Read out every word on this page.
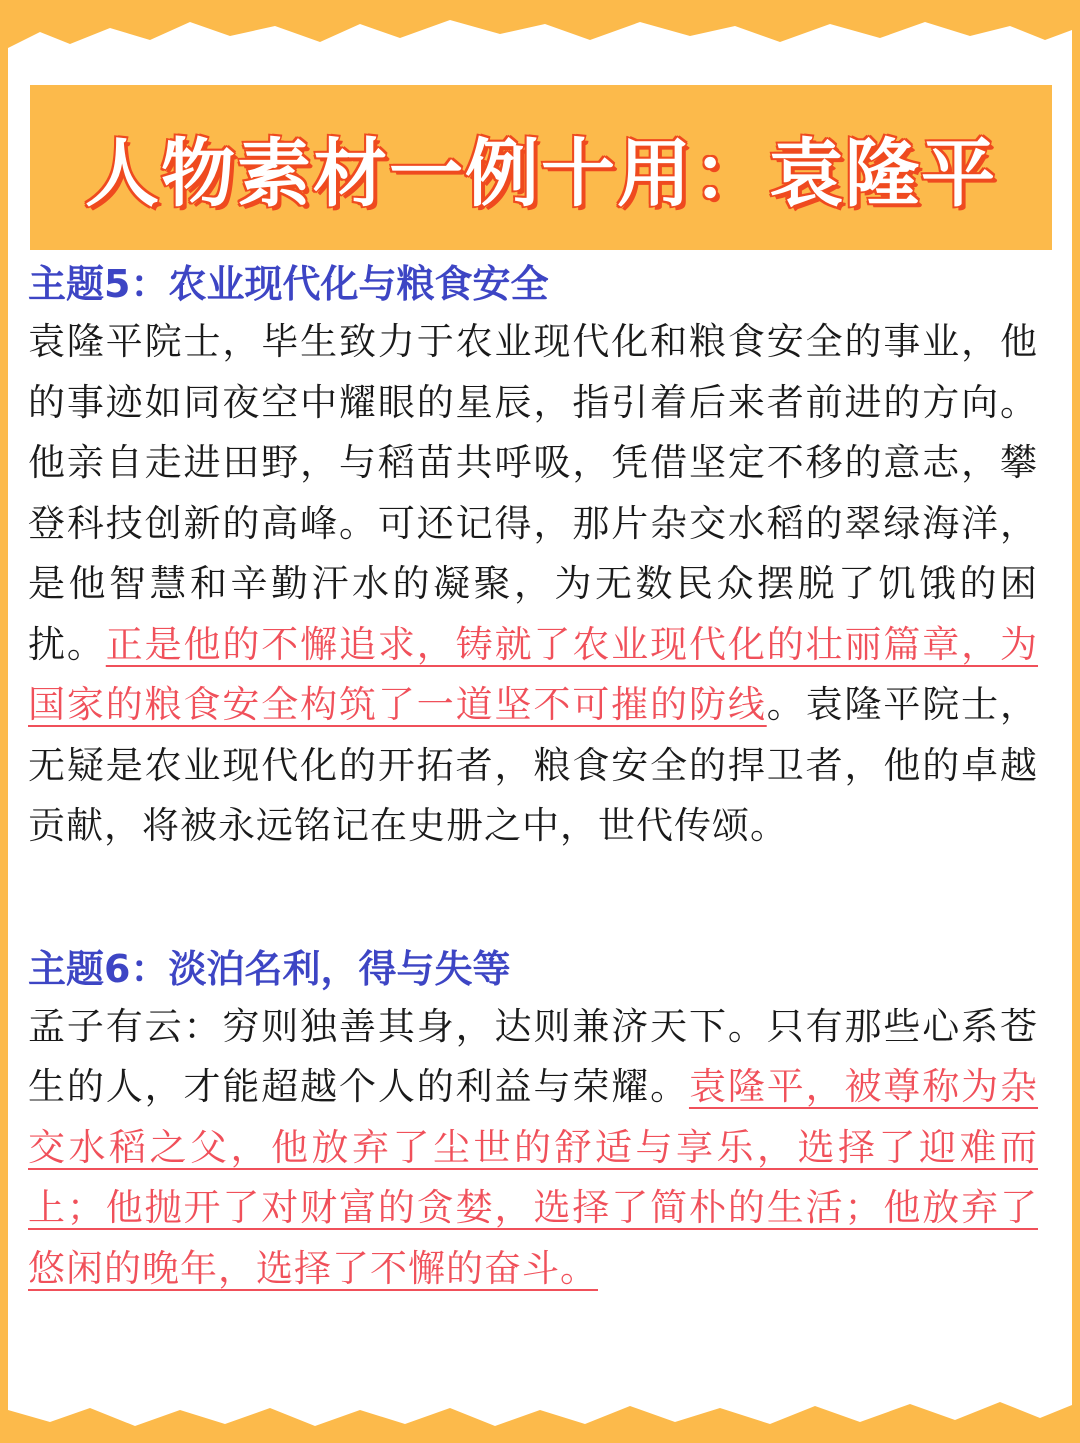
人物素材一例十用：袁隆平
主题5：农业现代化与粮食安全

袁隆平院士，毕生致力于农业现代化和粮食安全的事业，他的事迹如同夜空中耀眼的星辰，指引着后来者前进的方向。他亲自走进田野，与稻苗共呼吸，凭借坚定不移的意志，攀登科技创新的高峰。可还记得，那片杂交水稻的翠绿海洋，是他智慧和辛勤汗水的凝聚，为无数民众摆脱了饥饿的困扰。正是他的不懈追求，铸就了农业现代化的壮丽篇章，为国家的粮食安全构筑了一道坚不可摧的防线。袁隆平院士，无疑是农业现代化的开拓者，粮食安全的捍卫者，他的卓越贡献，将被永远铭记在史册之中，世代传颂。

主题6：淡泊名利，得与失等

孟子有云：穷则独善其身，达则兼济天下。只有那些心系苍生的人，才能超越个人的利益与荣耀。袁隆平，被尊称为杂交水稻之父，他放弃了尘世的舒适与享乐，选择了迎难而上；他抛开了对财富的贪婪，选择了简朴的生活；他放弃了悠闲的晚年，选择了不懈的奋斗。
